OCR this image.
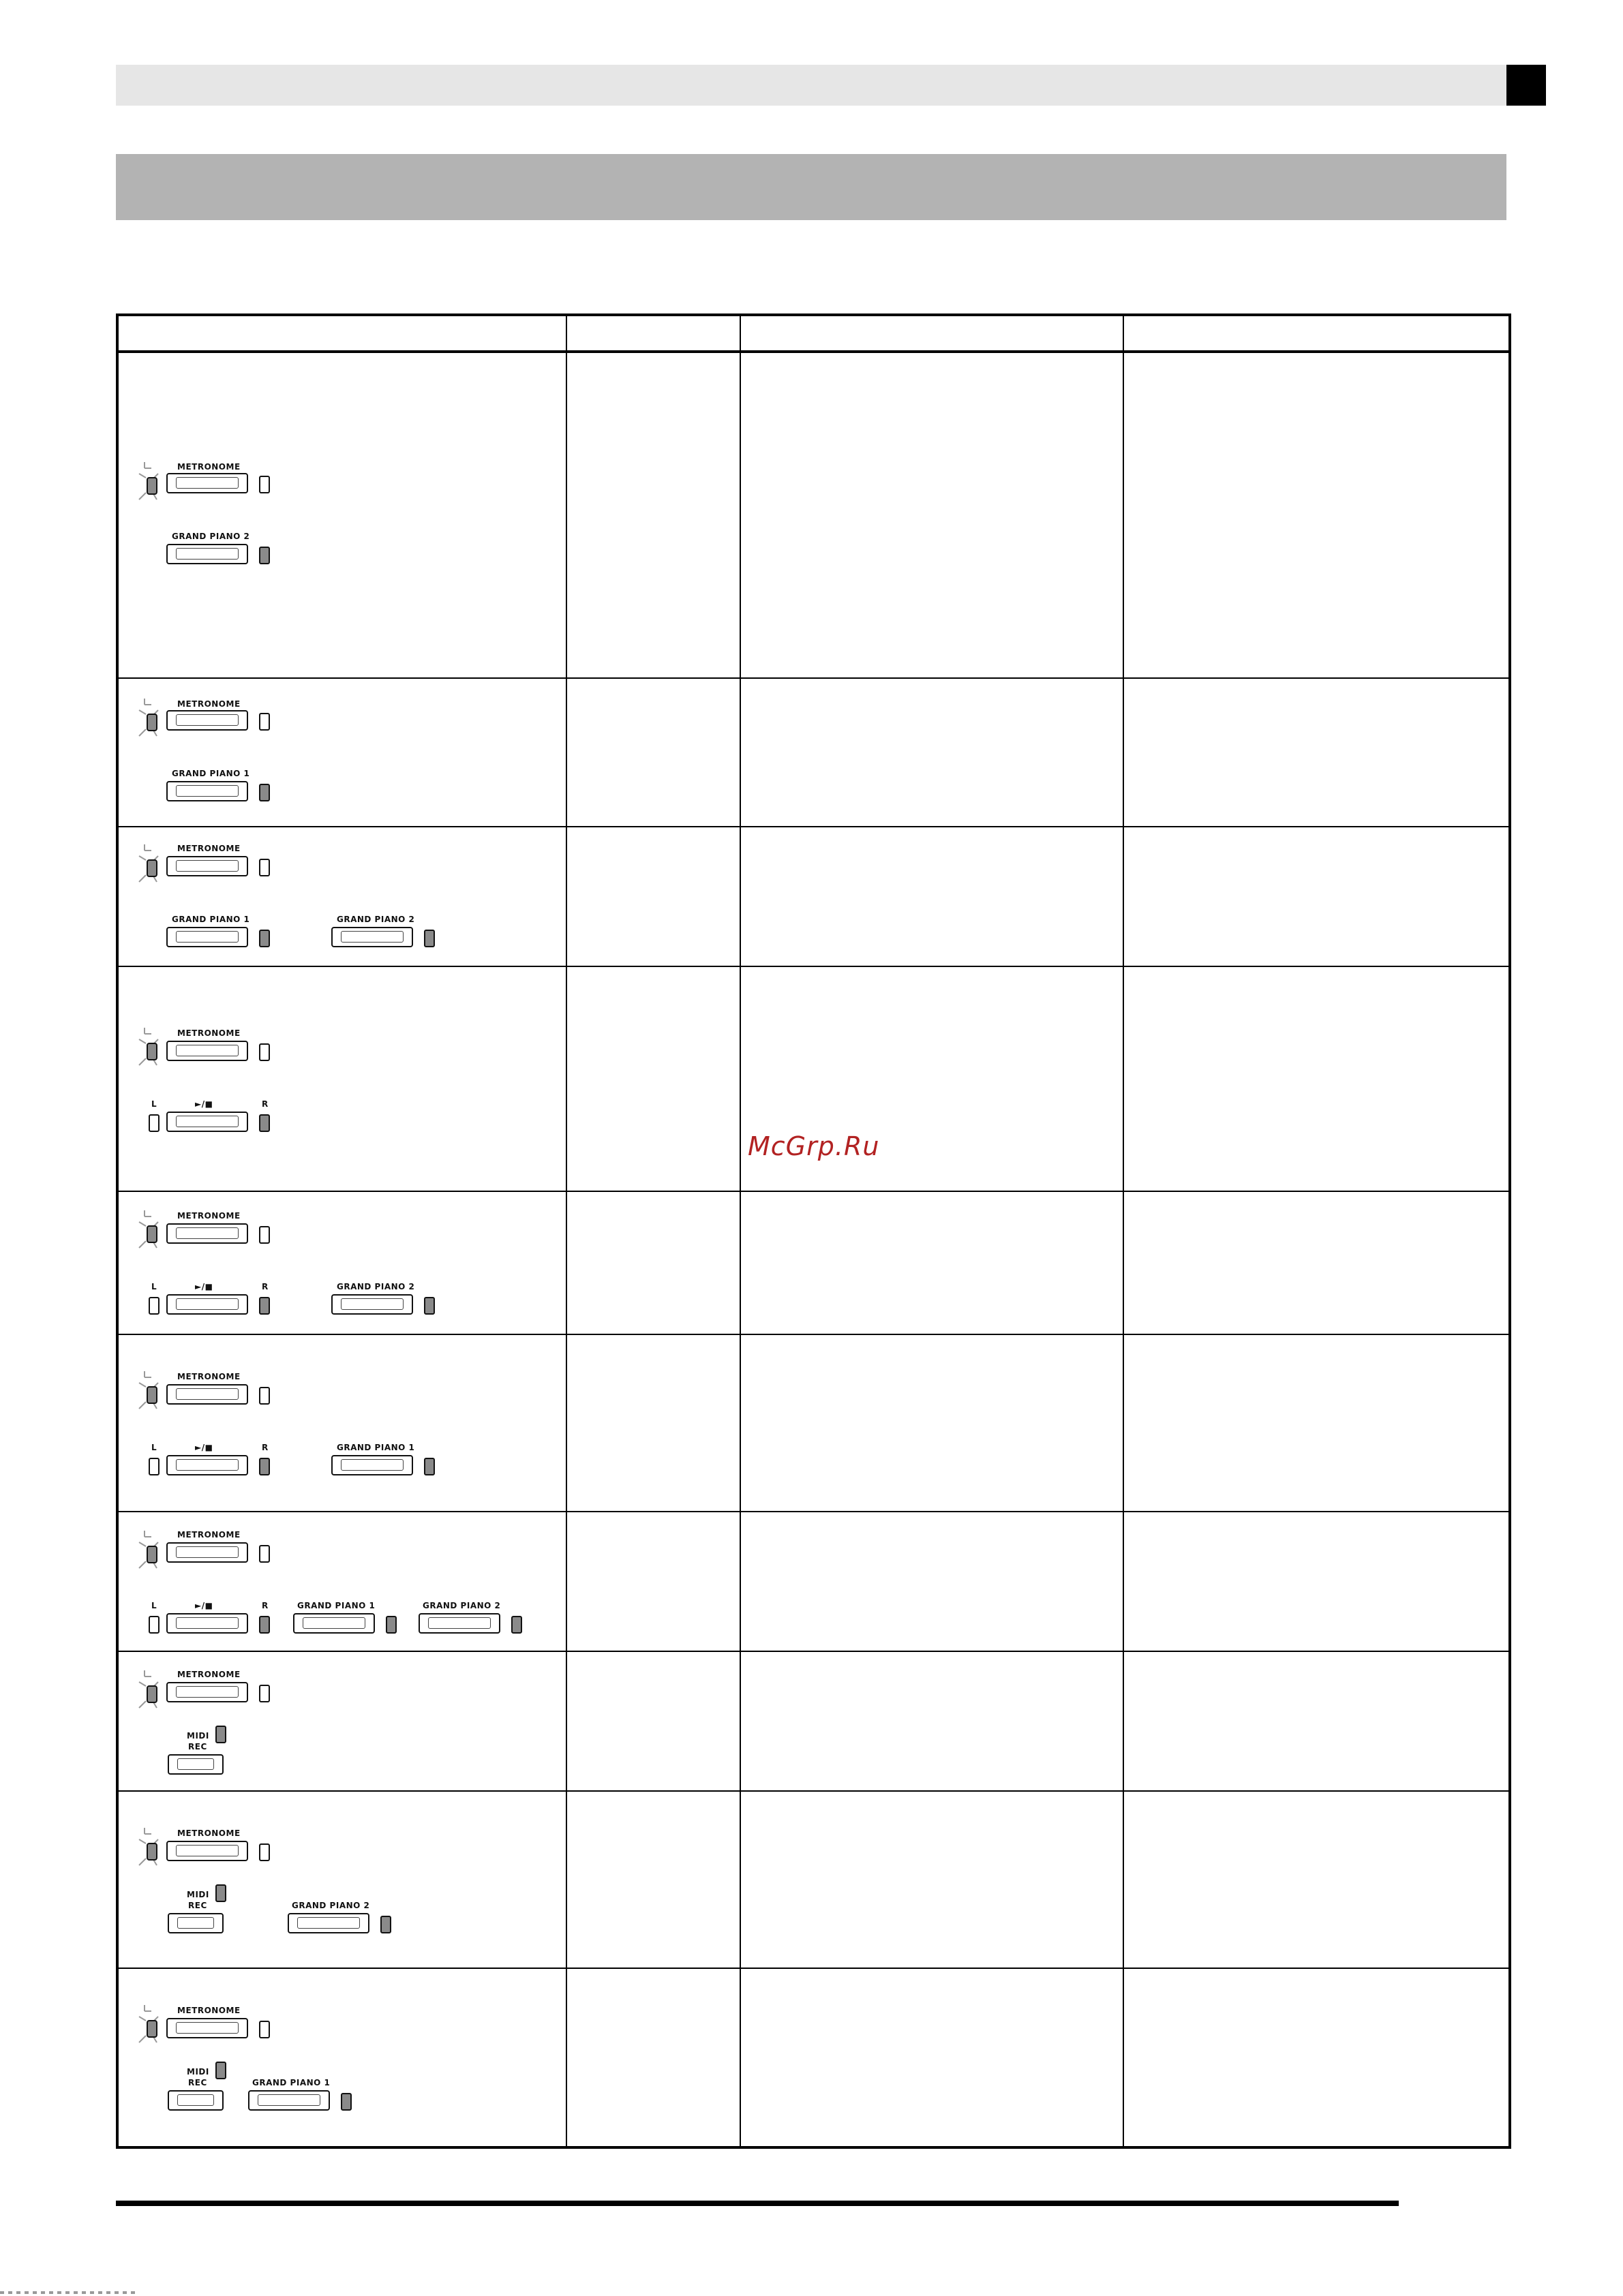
METRONOME
GRAND PIANO 2
METRONOME
GRAND PIANO 1
METRONOME
GRAND PIANO 1	GRAND PIANO 2
METRONOME
L	►/■	R
METRONOME
L	►/■	R	GRAND PIANO 2
METRONOME
L	►/■	R	GRAND PIANO 1
METRONOME
L	►/■	R	GRAND PIANO 1	GRAND PIANO 2
METRONOME
MIDI
REC
METRONOME
MIDI
REC	GRAND PIANO 2
METRONOME
MIDI
REC	GRAND PIANO 1
McGrp.Ru
